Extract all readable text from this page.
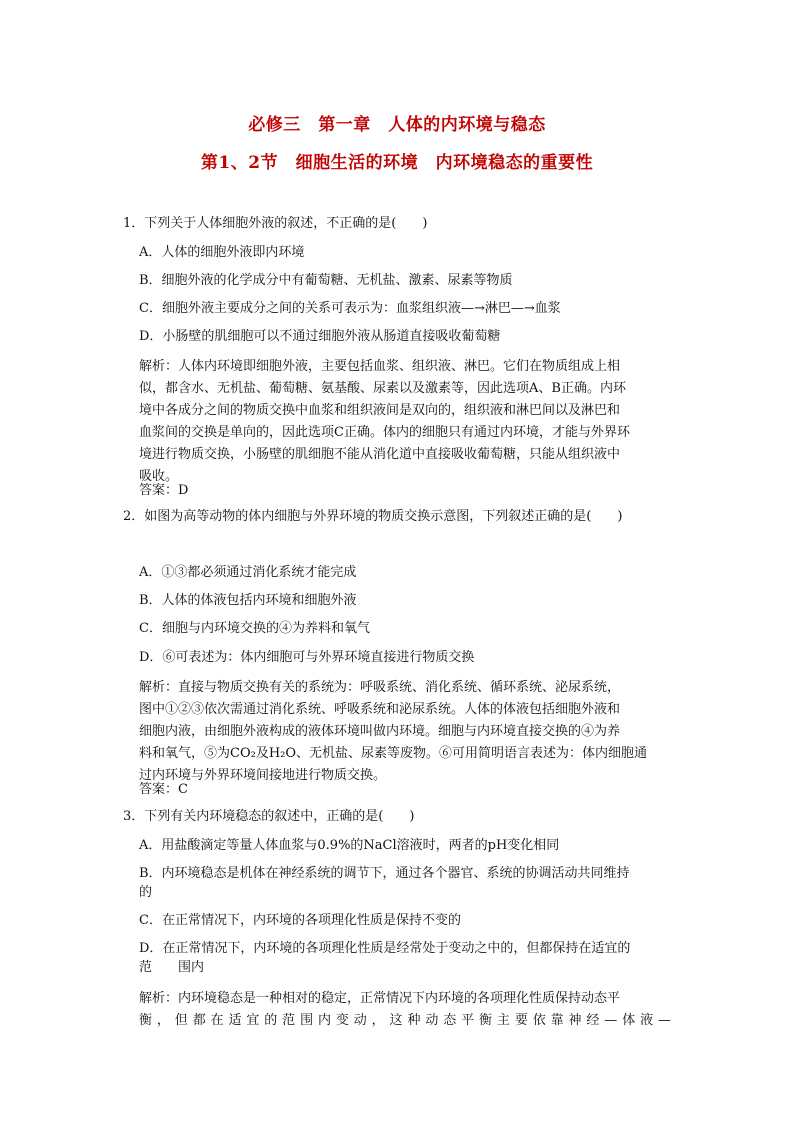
必修三　第一章　人体的内环境与稳态
第1、2节　细胞生活的环境　内环境稳态的重要性
1．下列关于人体细胞外液的叙述，不正确的是(　　)
A．人体的细胞外液即内环境
B．细胞外液的化学成分中有葡萄糖、无机盐、激素、尿素等物质
C．细胞外液主要成分之间的关系可表示为：血浆组织液—→淋巴—→血浆
D．小肠壁的肌细胞可以不通过细胞外液从肠道直接吸收葡萄糖
解析：人体内环境即细胞外液，主要包括血浆、组织液、淋巴。它们在物质组成上相
似，都含水、无机盐、葡萄糖、氨基酸、尿素以及激素等，因此选项A、B正确。内环
境中各成分之间的物质交换中血浆和组织液间是双向的，组织液和淋巴间以及淋巴和
血浆间的交换是单向的，因此选项C正确。体内的细胞只有通过内环境，才能与外界环
境进行物质交换，小肠壁的肌细胞不能从消化道中直接吸收葡萄糖，只能从组织液中
吸收。
答案：D
2．如图为高等动物的体内细胞与外界环境的物质交换示意图，下列叙述正确的是(　　)
A．①③都必须通过消化系统才能完成
B．人体的体液包括内环境和细胞外液
C．细胞与内环境交换的④为养料和氧气
D．⑥可表述为：体内细胞可与外界环境直接进行物质交换
解析：直接与物质交换有关的系统为：呼吸系统、消化系统、循环系统、泌尿系统，
图中①②③依次需通过消化系统、呼吸系统和泌尿系统。人体的体液包括细胞外液和
细胞内液，由细胞外液构成的液体环境叫做内环境。细胞与内环境直接交换的④为养
料和氧气，⑤为CO₂及H₂O、无机盐、尿素等废物。⑥可用简明语言表述为：体内细胞通
过内环境与外界环境间接地进行物质交换。
答案：C
3．下列有关内环境稳态的叙述中，正确的是(　　)
A．用盐酸滴定等量人体血浆与0.9%的NaCl溶液时，两者的pH变化相同
B．内环境稳态是机体在神经系统的调节下，通过各个器官、系统的协调活动共同维持
的
C．在正常情况下，内环境的各项理化性质是保持不变的
D．在正常情况下，内环境的各项理化性质是经常处于变动之中的，但都保持在适宜的
范　　围内
解析：内环境稳态是一种相对的稳定，正常情况下内环境的各项理化性质保持动态平
衡，但都在适宜的范围内变动，这种动态平衡主要依靠神经—体液—
